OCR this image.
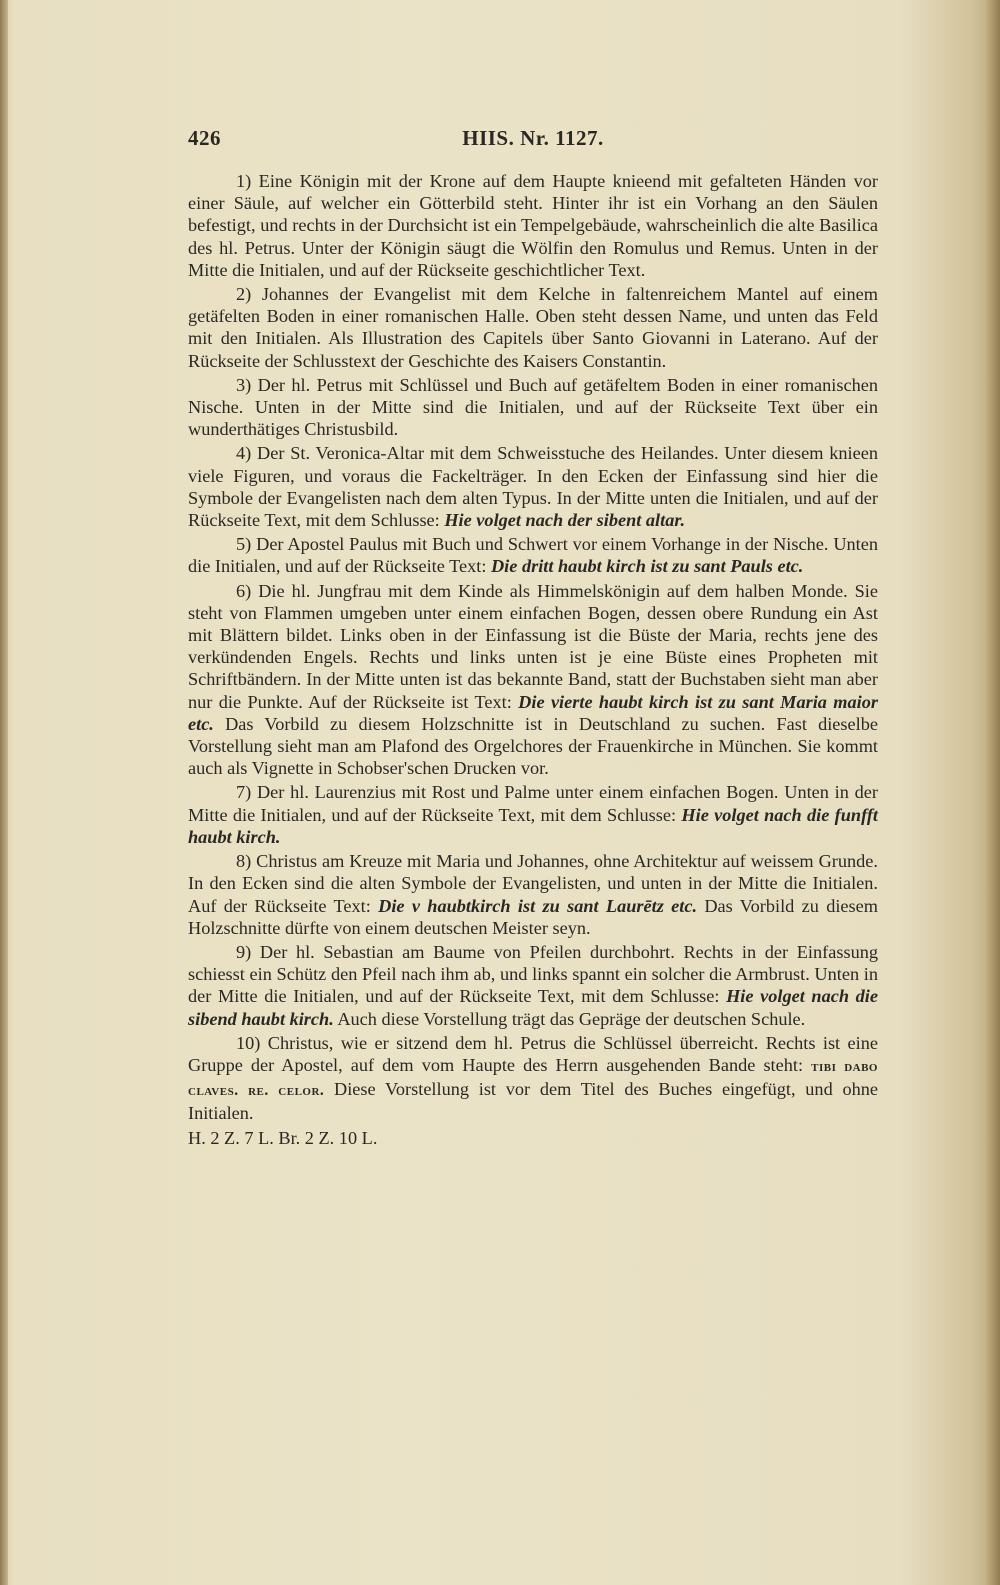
426	HIIS. Nr. 1127.

1) Eine Königin mit der Krone auf dem Haupte knieend mit gefalteten Händen vor einer Säule, auf welcher ein Götterbild steht. Hinter ihr ist ein Vorhang an den Säulen befestigt, und rechts in der Durchsicht ist ein Tempelgebäude, wahrscheinlich die alte Basilica des hl. Petrus. Unter der Königin säugt die Wölfin den Romulus und Remus. Unten in der Mitte die Initialen, und auf der Rückseite geschichtlicher Text.

2) Johannes der Evangelist mit dem Kelche in faltenreichem Mantel auf einem getäfelten Boden in einer romanischen Halle. Oben steht dessen Name, und unten das Feld mit den Initialen. Als Illustration des Capitels über Santo Giovanni in Laterano. Auf der Rückseite der Schlusstext der Geschichte des Kaisers Constantin.

3) Der hl. Petrus mit Schlüssel und Buch auf getäfeltem Boden in einer romanischen Nische. Unten in der Mitte sind die Initialen, und auf der Rückseite Text über ein wunderthätiges Christusbild.

4) Der St. Veronica-Altar mit dem Schweisstuche des Heilandes. Unter diesem knieen viele Figuren, und voraus die Fackelträger. In den Ecken der Einfassung sind hier die Symbole der Evangelisten nach dem alten Typus. In der Mitte unten die Initialen, und auf der Rückseite Text, mit dem Schlusse: Hie volget nach der sibent altar.

5) Der Apostel Paulus mit Buch und Schwert vor einem Vorhange in der Nische. Unten die Initialen, und auf der Rückseite Text: Die dritt haubt kirch ist zu sant Pauls etc.

6) Die hl. Jungfrau mit dem Kinde als Himmelskönigin auf dem halben Monde. Sie steht von Flammen umgeben unter einem einfachen Bogen, dessen obere Rundung ein Ast mit Blättern bildet. Links oben in der Einfassung ist die Büste der Maria, rechts jene des verkündenden Engels. Rechts und links unten ist je eine Büste eines Propheten mit Schriftbändern. In der Mitte unten ist das bekannte Band, statt der Buchstaben sieht man aber nur die Punkte. Auf der Rückseite ist Text: Die vierte haubt kirch ist zu sant Maria maior etc. Das Vorbild zu diesem Holzschnitte ist in Deutschland zu suchen. Fast dieselbe Vorstellung sieht man am Plafond des Orgelchores der Frauenkirche in München. Sie kommt auch als Vignette in Schobser'schen Drucken vor.

7) Der hl. Laurenzius mit Rost und Palme unter einem einfachen Bogen. Unten in der Mitte die Initialen, und auf der Rückseite Text, mit dem Schlusse: Hie volget nach die funfft haubt kirch.

8) Christus am Kreuze mit Maria und Johannes, ohne Architektur auf weissem Grunde. In den Ecken sind die alten Symbole der Evangelisten, und unten in der Mitte die Initialen. Auf der Rückseite Text: Die v haubtkirch ist zu sant Laurētz etc. Das Vorbild zu diesem Holzschnitte dürfte von einem deutschen Meister seyn.

9) Der hl. Sebastian am Baume von Pfeilen durchbohrt. Rechts in der Einfassung schiesst ein Schütz den Pfeil nach ihm ab, und links spannt ein solcher die Armbrust. Unten in der Mitte die Initialen, und auf der Rückseite Text, mit dem Schlusse: Hie volget nach die sibend haubt kirch. Auch diese Vorstellung trägt das Gepräge der deutschen Schule.

10) Christus, wie er sitzend dem hl. Petrus die Schlüssel überreicht. Rechts ist eine Gruppe der Apostel, auf dem vom Haupte des Herrn ausgehenden Bande steht: tibi dabo claves. re. celor. Diese Vorstellung ist vor dem Titel des Buches eingefügt, und ohne Initialen.

H. 2 Z. 7 L. Br. 2 Z. 10 L.
